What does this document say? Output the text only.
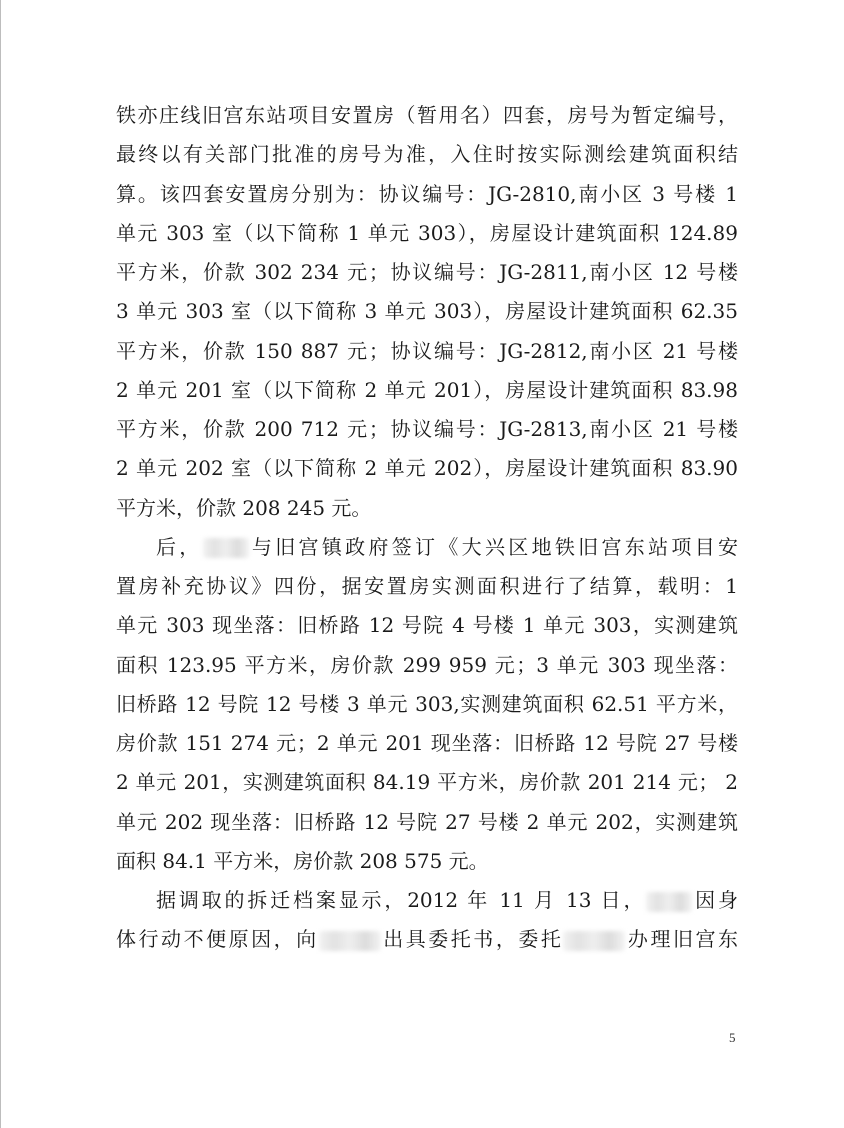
铁亦庄线旧宫东站项目安置房（暂用名）四套，房号为暂定编号，
最终以有关部门批准的房号为准，入住时按实际测绘建筑面积结
算。该四套安置房分别为：协议编号：JG-2810,南小区 3 号楼 1
单元 303 室（以下简称 1 单元 303），房屋设计建筑面积 124.89
平方米，价款 302 234 元；协议编号：JG-2811,南小区 12 号楼
3 单元 303 室（以下简称 3 单元 303），房屋设计建筑面积 62.35
平方米，价款 150 887 元；协议编号：JG-2812,南小区 21 号楼
2 单元 201 室（以下简称 2 单元 201），房屋设计建筑面积 83.98
平方米，价款 200 712 元；协议编号：JG-2813,南小区 21 号楼
2 单元 202 室（以下简称 2 单元 202），房屋设计建筑面积 83.90
平方米，价款 208 245 元。
后， 与旧宫镇政府签订《大兴区地铁旧宫东站项目安
置房补充协议》四份，据安置房实测面积进行了结算，载明：1
单元 303 现坐落：旧桥路 12 号院 4 号楼 1 单元 303，实测建筑
面积 123.95 平方米，房价款 299 959 元；3 单元 303 现坐落：
旧桥路 12 号院 12 号楼 3 单元 303,实测建筑面积 62.51 平方米，
房价款 151 274 元；2 单元 201 现坐落：旧桥路 12 号院 27 号楼
2 单元 201，实测建筑面积 84.19 平方米，房价款 201 214 元； 2
单元 202 现坐落：旧桥路 12 号院 27 号楼 2 单元 202，实测建筑
面积 84.1 平方米，房价款 208 575 元。
据调取的拆迁档案显示，2012 年 11 月 13 日， 因身
体行动不便原因，向	出具委托书，委托	办理旧宫东
5
